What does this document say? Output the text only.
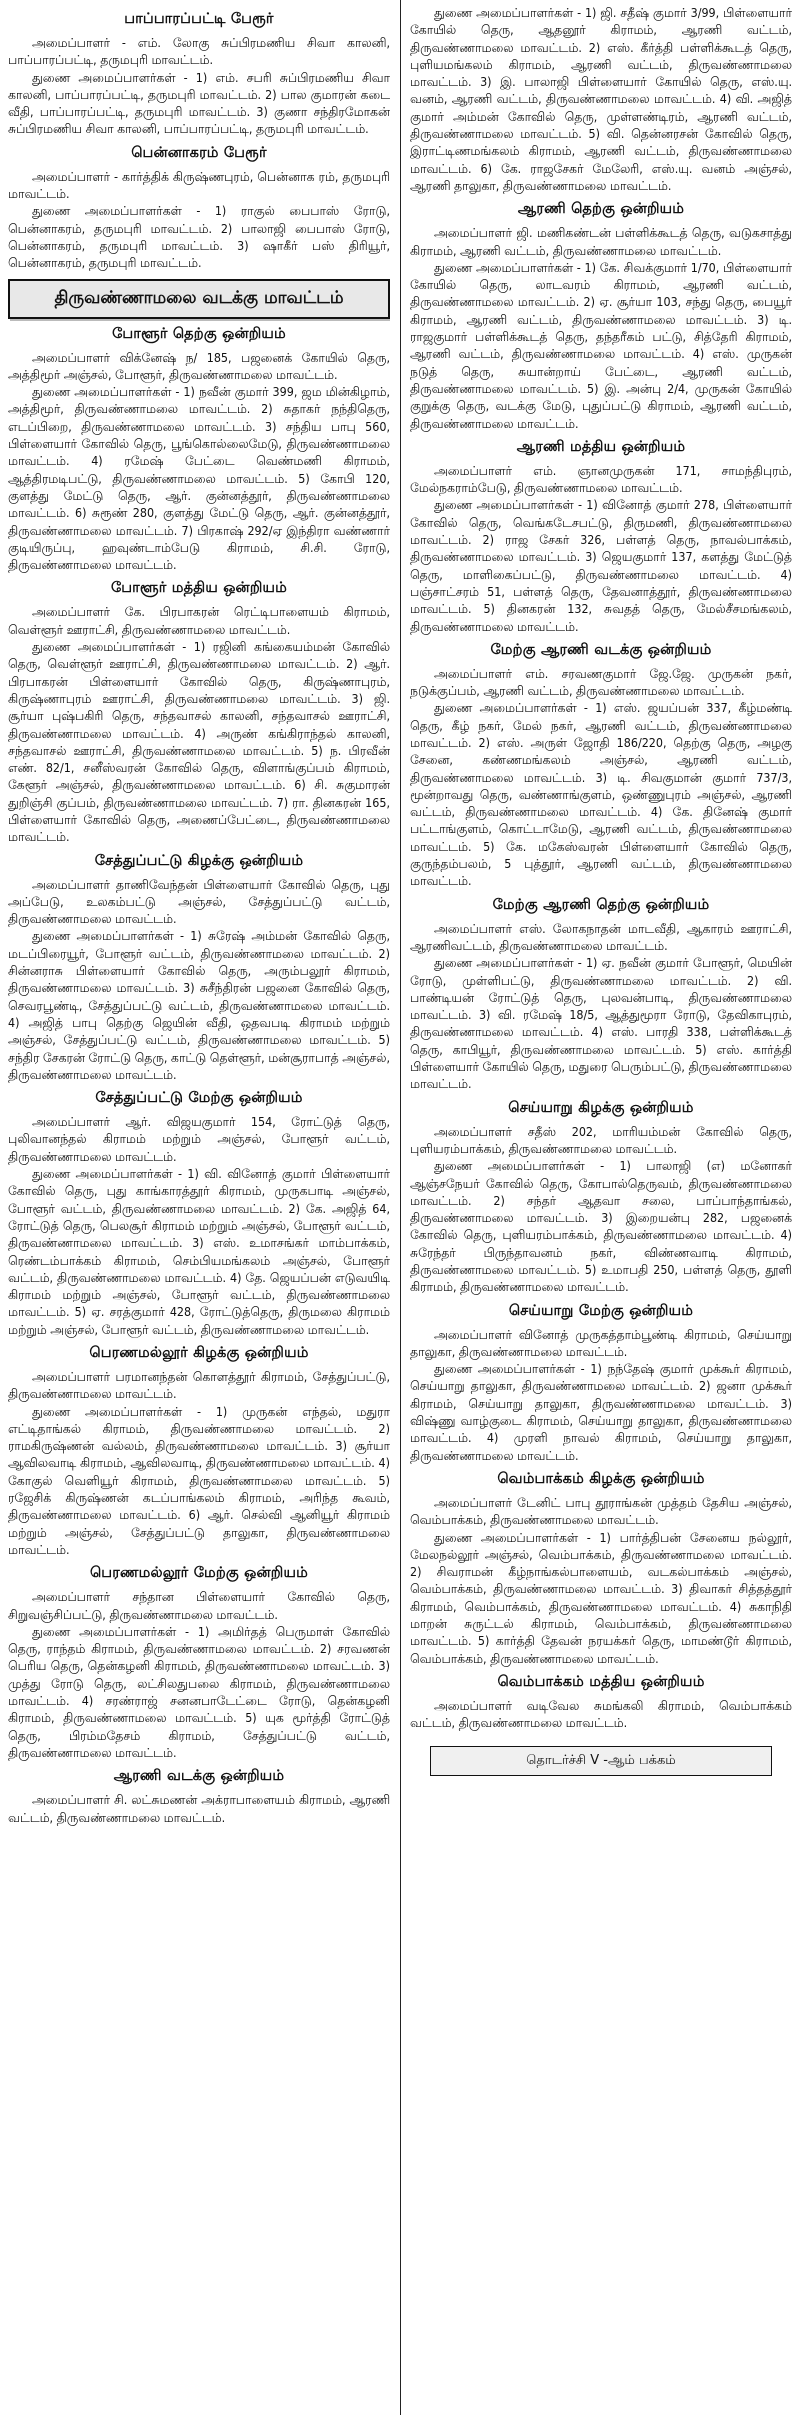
பாப்பாரப்பட்டி பேரூர்

அமைப்பாளர் - எம். லோகு சுப்பிரமணிய சிவா காலனி, பாப்பாரப்பட்டி, தருமபுரி மாவட்டம்.

துணை அமைப்பாளர்கள் - 1) எம். சபரி சுப்பிரமணிய சிவா காலனி, பாப்பாரப்பட்டி, தருமபுரி மாவட்டம். 2) பால குமாரன் கடை வீதி, பாப்பாரப்பட்டி, தருமபுரி மாவட்டம். 3) குணா சந்திரமோகன் சுப்பிரமணிய சிவா காலனி, பாப்பாரப்பட்டி, தருமபுரி மாவட்டம்.

பென்னாகரம் பேரூர்

அமைப்பாளர் - கார்த்திக் கிருஷ்ணபுரம், பென்னாக ரம், தருமபுரி மாவட்டம்.

துணை அமைப்பாளர்கள் - 1) ராகுல் பைபாஸ் ரோடு, பென்னாகரம், தருமபுரி மாவட்டம். 2) பாலாஜி பைபாஸ் ரோடு, பென்னாகரம், தருமபுரி மாவட்டம். 3) ஷாகீர் பஸ் திரியூர், பென்னாகரம், தருமபுரி மாவட்டம்.

திருவண்ணாமலை வடக்கு மாவட்டம்
போளூர் தெற்கு ஒன்றியம்

அமைப்பாளர் விக்னேஷ் ந/ 185, பஜனைக் கோயில் தெரு, அத்திமூர் அஞ்சல், போளூர், திருவண்ணாமலை மாவட்டம்.

துணை அமைப்பாளர்கள் - 1) நவீன் குமார் 399, ஜம மின்கிழாம், அத்திமூர், திருவண்ணாமலை மாவட்டம். 2) சுதாகர் நந்திதெரு, எடப்பிறை, திருவண்ணாமலை மாவட்டம். 3) சந்திய பாபு 560, பிள்ளையார் கோவில் தெரு, பூங்கொல்லைமேடு, திருவண்ணாமலை மாவட்டம். 4) ரமேஷ் பேட்டை வெண்மணி கிராமம், ஆத்திரமடிபட்டு, திருவண்ணாமலை மாவட்டம். 5) கோபி 120, குளத்து மேட்டு தெரு, ஆர். குன்னத்தூர், திருவண்ணாமலை மாவட்டம். 6) சுரூண் 280, குளத்து மேட்டு தெரு, ஆர். குன்னத்தூர், திருவண்ணாமலை மாவட்டம். 7) பிரகாஷ் 292/ஏ இந்திரா வண்ணார் குடியிருப்பு, ஹவுண்டாம்பேடு கிராமம், சி.சி. ரோடு, திருவண்ணாமலை மாவட்டம்.

போளூர் மத்திய ஒன்றியம்

அமைப்பாளர் கே. பிரபாகரன் ரெட்டிபாளையம் கிராமம், வெள்ளூர் ஊராட்சி, திருவண்ணாமலை மாவட்டம்.

துணை அமைப்பாளர்கள் - 1) ரஜினி கங்கையம்மன் கோவில் தெரு, வெள்ளூர் ஊராட்சி, திருவண்ணாமலை மாவட்டம். 2) ஆர். பிரபாகரன் பிள்ளையார் கோவில் தெரு, கிருஷ்ணாபுரம், கிருஷ்ணாபுரம் ஊராட்சி, திருவண்ணாமலை மாவட்டம். 3) ஜி. சூர்யா புஷ்பகிரி தெரு, சந்தவாசல் காலனி, சந்தவாசல் ஊராட்சி, திருவண்ணாமலை மாவட்டம். 4) அருண் கங்கிராந்தல் காலனி, சந்தவாசல் ஊராட்சி, திருவண்ணாமலை மாவட்டம். 5) ந. பிரவீன் எண். 82/1, சனீஸ்வரன் கோவில் தெரு, விளாங்குப்பம் கிராமம், கேளூர் அஞ்சல், திருவண்ணாமலை மாவட்டம். 6) சி. சுகுமாரன் துறிஞ்சி குப்பம், திருவண்ணாமலை மாவட்டம். 7) ரா. தினகரன் 165, பிள்ளையார் கோவில் தெரு, அணைப்பேட்டை, திருவண்ணாமலை மாவட்டம்.

சேத்துப்பட்டு கிழக்கு ஒன்றியம்

அமைப்பாளர் தாணிவேந்தன் பிள்ளையார் கோவில் தெரு, புது அப்பேடு, உலகம்பட்டு அஞ்சல், சேத்துப்பட்டு வட்டம், திருவண்ணாமலை மாவட்டம்.

துணை அமைப்பாளர்கள் - 1) சுரேஷ் அம்மன் கோவில் தெரு, மடப்பிரையூர், போளூர் வட்டம், திருவண்ணாமலை மாவட்டம். 2) சின்னராசு பிள்ளையார் கோவில் தெரு, அரும்பலூர் கிராமம், திருவண்ணாமலை மாவட்டம். 3) சுசீந்திரன் பஜனை கோவில் தெரு, செவரபூண்டி, சேத்துப்பட்டு வட்டம், திருவண்ணாமலை மாவட்டம். 4) அஜித் பாபு தெற்கு ஜெயின் வீதி, ஒதவபடி கிராமம் மற்றும் அஞ்சல், சேத்துப்பட்டு வட்டம், திருவண்ணாமலை மாவட்டம். 5) சந்திர சேகரன் ரோட்டு தெரு, காட்டு தெள்ளூர், மன்சூராபாத் அஞ்சல், திருவண்ணாமலை மாவட்டம்.

சேத்துப்பட்டு மேற்கு ஒன்றியம்

அமைப்பாளர் ஆர். விஜயகுமார் 154, ரோட்டுத் தெரு, புலிவானந்தல் கிராமம் மற்றும் அஞ்சல், போளூர் வட்டம், திருவண்ணாமலை மாவட்டம்.

துணை அமைப்பாளர்கள் - 1) வி. வினோத் குமார் பிள்ளையார் கோவில் தெரு, புது காங்காரத்தூர் கிராமம், முருகபாடி அஞ்சல், போளூர் வட்டம், திருவண்ணாமலை மாவட்டம். 2) கே. அஜித் 64, ரோட்டுத் தெரு, பெலசூர் கிராமம் மற்றும் அஞ்சல், போளூர் வட்டம், திருவண்ணாமலை மாவட்டம். 3) எஸ். உமாசங்கர் மாம்பாக்கம், ரெண்டம்பாக்கம் கிராமம், செம்பியமங்கலம் அஞ்சல், போளூர் வட்டம், திருவண்ணாமலை மாவட்டம். 4) தே. ஜெயப்பன் எடுவயிடி கிராமம் மற்றும் அஞ்சல், போளூர் வட்டம், திருவண்ணாமலை மாவட்டம். 5) ஏ. சரத்குமார் 428, ரோட்டுத்தெரு, திருமலை கிராமம் மற்றும் அஞ்சல், போளூர் வட்டம், திருவண்ணாமலை மாவட்டம்.

பெரணமல்லூர் கிழக்கு ஒன்றியம்

அமைப்பாளர் பரமானந்தன் கொளத்தூர் கிராமம், சேத்துப்பட்டு, திருவண்ணாமலை மாவட்டம்.

துணை அமைப்பாளர்கள் - 1) முருகன் எந்தல், மதுரா எட்டிதாங்கல் கிராமம், திருவண்ணாமலை மாவட்டம். 2) ராமகிருஷ்ணன் வல்லம், திருவண்ணாமலை மாவட்டம். 3) சூர்யா ஆவிலவாடி கிராமம், ஆவிலவாடி, திருவண்ணாமலை மாவட்டம். 4) கோகுல் வெளியூர் கிராமம், திருவண்ணாமலை மாவட்டம். 5) ரஜேசிக் கிருஷ்ணன் கடப்பாங்கலம் கிராமம், அரிந்த கூவம், திருவண்ணாமலை மாவட்டம். 6) ஆர். செல்வி ஆனியூர் கிராமம் மற்றும் அஞ்சல், சேத்துப்பட்டு தாலுகா, திருவண்ணாமலை மாவட்டம்.

பெரணமல்லூர் மேற்கு ஒன்றியம்

அமைப்பாளர் சந்தான பிள்ளையார் கோவில் தெரு, சிறுவஞ்சிப்பட்டு, திருவண்ணாமலை மாவட்டம்.

துணை அமைப்பாளர்கள் - 1) அமிர்தத் பெருமாள் கோவில் தெரு, ராந்தம் கிராமம், திருவண்ணாமலை மாவட்டம். 2) சரவணன் பெரிய தெரு, தென்கழனி கிராமம், திருவண்ணாமலை மாவட்டம். 3) முத்து ரோடு தெரு, லட்சிலதுபலை கிராமம், திருவண்ணாமலை மாவட்டம். 4) சரண்ராஜ் சனனபாடேட்டை ரோடு, தென்கழனி கிராமம், திருவண்ணாமலை மாவட்டம். 5) யுக மூர்த்தி ரோட்டுத் தெரு, பிரம்மதேசம் கிராமம், சேத்துப்பட்டு வட்டம், திருவண்ணாமலை மாவட்டம்.

ஆரணி வடக்கு ஒன்றியம்

அமைப்பாளர் சி. லட்சுமணன் அக்ராபாளையம் கிராமம், ஆரணி வட்டம், திருவண்ணாமலை மாவட்டம்.

துணை அமைப்பாளர்கள் - 1) ஜி. சதீஷ் குமார் 3/99, பிள்ளையார் கோயில் தெரு, ஆதனூர் கிராமம், ஆரணி வட்டம், திருவண்ணாமலை மாவட்டம். 2) எஸ். கீர்த்தி பள்ளிக்கூடத் தெரு, புளியமங்கலம் கிராமம், ஆரணி வட்டம், திருவண்ணாமலை மாவட்டம். 3) இ. பாலாஜி பிள்ளையார் கோயில் தெரு, எஸ்.யு. வனம், ஆரணி வட்டம், திருவண்ணாமலை மாவட்டம். 4) வி. அஜித் குமார் அம்மன் கோவில் தெரு, முள்ளண்டிரம், ஆரணி வட்டம், திருவண்ணாமலை மாவட்டம். 5) வி. தென்னரசன் கோவில் தெரு, இராட்டிணமங்கலம் கிராமம், ஆரணி வட்டம், திருவண்ணாமலை மாவட்டம். 6) கே. ராஜசேகர் மேலேரி, எஸ்.யு. வனம் அஞ்சல், ஆரணி தாலுகா, திருவண்ணாமலை மாவட்டம்.

ஆரணி தெற்கு ஒன்றியம்

அமைப்பாளர் ஜி. மணிகண்டன் பள்ளிக்கூடத் தெரு, வடுகசாத்து கிராமம், ஆரணி வட்டம், திருவண்ணாமலை மாவட்டம்.

துணை அமைப்பாளர்கள் - 1) கே. சிவக்குமார் 1/70, பிள்ளையார் கோயில் தெரு, லாடவரம் கிராமம், ஆரணி வட்டம், திருவண்ணாமலை மாவட்டம். 2) ஏ. சூர்யா 103, சந்து தெரு, பையூர் கிராமம், ஆரணி வட்டம், திருவண்ணாமலை மாவட்டம். 3) டி. ராஜகுமார் பள்ளிக்கூடத் தெரு, தந்தரீகம் பட்டு, சித்தேரி கிராமம், ஆரணி வட்டம், திருவண்ணாமலை மாவட்டம். 4) எஸ். முருகன் நடுத் தெரு, சுயான்றாய் பேட்டை, ஆரணி வட்டம், திருவண்ணாமலை மாவட்டம். 5) இ. அன்பு 2/4, முருகன் கோயில் குறுக்கு தெரு, வடக்கு மேடு, புதுப்பட்டு கிராமம், ஆரணி வட்டம், திருவண்ணாமலை மாவட்டம்.

ஆரணி மத்திய ஒன்றியம்

அமைப்பாளர் எம். ஞானமுருகன் 171, சாமந்திபுரம், மேல்நகராம்பேடு, திருவண்ணாமலை மாவட்டம்.

துணை அமைப்பாளர்கள் - 1) வினோத் குமார் 278, பிள்ளையார் கோவில் தெரு, வெங்கடேசபட்டு, திருமணி, திருவண்ணாமலை மாவட்டம். 2) ராஜ சேகர் 326, பள்ளத் தெரு, நாவல்பாக்கம், திருவண்ணாமலை மாவட்டம். 3) ஜெயகுமார் 137, களத்து மேட்டுத் தெரு, மாளிகைப்பட்டு, திருவண்ணாமலை மாவட்டம். 4) பஞ்சாட்சரம் 51, பள்ளத் தெரு, தேவனாத்தூர், திருவண்ணாமலை மாவட்டம். 5) தினகரன் 132, சுவதத் தெரு, மேல்சீசமங்கலம், திருவண்ணாமலை மாவட்டம்.

மேற்கு ஆரணி வடக்கு ஒன்றியம்

அமைப்பாளர் எம். சரவணகுமார் ஜே.ஜே. முருகன் நகர், நடுக்குப்பம், ஆரணி வட்டம், திருவண்ணாமலை மாவட்டம்.

துணை அமைப்பாளர்கள் - 1) எஸ். ஜயப்பன் 337, கீழ்மண்டி தெரு, கீழ் நகர், மேல் நகர், ஆரணி வட்டம், திருவண்ணாமலை மாவட்டம். 2) எஸ். அருள் ஜோதி 186/220, தெற்கு தெரு, அழகு சேனை, கண்ணமங்கலம் அஞ்சல், ஆரணி வட்டம், திருவண்ணாமலை மாவட்டம். 3) டி. சிவகுமான் குமார் 737/3, மூன்றாவது தெரு, வண்ணாங்குளம், ஒண்ணுபுரம் அஞ்சல், ஆரணி வட்டம், திருவண்ணாமலை மாவட்டம். 4) கே. தினேஷ் குமார் பட்டாங்குளம், கொட்டாமேடு, ஆரணி வட்டம், திருவண்ணாமலை மாவட்டம். 5) கே. மகேஸ்வரன் பிள்ளையார் கோவில் தெரு, குருந்தம்பலம், 5 புத்தூர், ஆரணி வட்டம், திருவண்ணாமலை மாவட்டம்.

மேற்கு ஆரணி தெற்கு ஒன்றியம்

அமைப்பாளர் எஸ். லோகநாதன் மாடவீதி, ஆகாரம் ஊராட்சி, ஆரணிவட்டம், திருவண்ணாமலை மாவட்டம்.

துணை அமைப்பாளர்கள் - 1) ஏ. நவீன் குமார் போளூர், மெயின் ரோடு, முள்ளிபட்டு, திருவண்ணாமலை மாவட்டம். 2) வி. பாண்டியன் ரோட்டுத் தெரு, புலவன்பாடி, திருவண்ணாமலை மாவட்டம். 3) வி. ரமேஷ் 18/5, ஆத்துமூரா ரோடு, தேவிகாபுரம், திருவண்ணாமலை மாவட்டம். 4) எஸ். பாரதி 338, பள்ளிக்கூடத் தெரு, காபியூர், திருவண்ணாமலை மாவட்டம். 5) எஸ். கார்த்தி பிள்ளையார் கோயில் தெரு, மதுரை பெரும்பட்டு, திருவண்ணாமலை மாவட்டம்.

செய்யாறு கிழக்கு ஒன்றியம்

அமைப்பாளர் சதீஸ் 202, மாரியம்மன் கோவில் தெரு, புளியரம்பாக்கம், திருவண்ணாமலை மாவட்டம்.

துணை அமைப்பாளர்கள் - 1) பாலாஜி (எ) மனோகர் ஆஞ்சநேயர் கோவில் தெரு, கோபால்தெருவம், திருவண்ணாமலை மாவட்டம். 2) சந்தர் ஆதவா சலை, பாப்பாந்தாங்கல், திருவண்ணாமலை மாவட்டம். 3) இறையன்பு 282, பஜனைக் கோவில் தெரு, புளியரம்பாக்கம், திருவண்ணாமலை மாவட்டம். 4) சுரேந்தர் பிருந்தாவனம் நகர், விண்ணவாடி கிராமம், திருவண்ணாமலை மாவட்டம். 5) உமாபதி 250, பள்ளத் தெரு, தூளி கிராமம், திருவண்ணாமலை மாவட்டம்.

செய்யாறு மேற்கு ஒன்றியம்

அமைப்பாளர் வினோத் முருகத்தாம்பூண்டி கிராமம், செய்யாறு தாலுகா, திருவண்ணாமலை மாவட்டம்.

துணை அமைப்பாளர்கள் - 1) நந்தேஷ் குமார் முக்கூர் கிராமம், செய்யாறு தாலுகா, திருவண்ணாமலை மாவட்டம். 2) ஜனா முக்கூர் கிராமம், செய்யாறு தாலுகா, திருவண்ணாமலை மாவட்டம். 3) விஷ்ணு வாழ்குடை கிராமம், செய்யாறு தாலுகா, திருவண்ணாமலை மாவட்டம். 4) முரளி நாவல் கிராமம், செய்யாறு தாலுகா, திருவண்ணாமலை மாவட்டம்.

வெம்பாக்கம் கிழக்கு ஒன்றியம்

அமைப்பாளர் டேனிட் பாபு தூராங்கன் முத்தம் தேசிய அஞ்சல், வெம்பாக்கம், திருவண்ணாமலை மாவட்டம்.

துணை அமைப்பாளர்கள் - 1) பார்த்திபன் சேனைய நல்லூர், மேலநல்லூர் அஞ்சல், வெம்பாக்கம், திருவண்ணாமலை மாவட்டம். 2) சிவராமன் கீழ்நாங்கல்பாளையம், வடகல்பாக்கம் அஞ்சல், வெம்பாக்கம், திருவண்ணாமலை மாவட்டம். 3) திவாகர் சித்தத்தூர் கிராமம், வெம்பாக்கம், திருவண்ணாமலை மாவட்டம். 4) சுகாநிதி மாறன் சுருட்டல் கிராமம், வெம்பாக்கம், திருவண்ணாமலை மாவட்டம். 5) கார்த்தி தேவன் நரயக்கர் தெரு, மாமண்டூர் கிராமம், வெம்பாக்கம், திருவண்ணாமலை மாவட்டம்.

வெம்பாக்கம் மத்திய ஒன்றியம்

அமைப்பாளர் வடிவேல சுமங்கலி கிராமம், வெம்பாக்கம் வட்டம், திருவண்ணாமலை மாவட்டம்.

தொடர்ச்சி V -ஆம் பக்கம்
